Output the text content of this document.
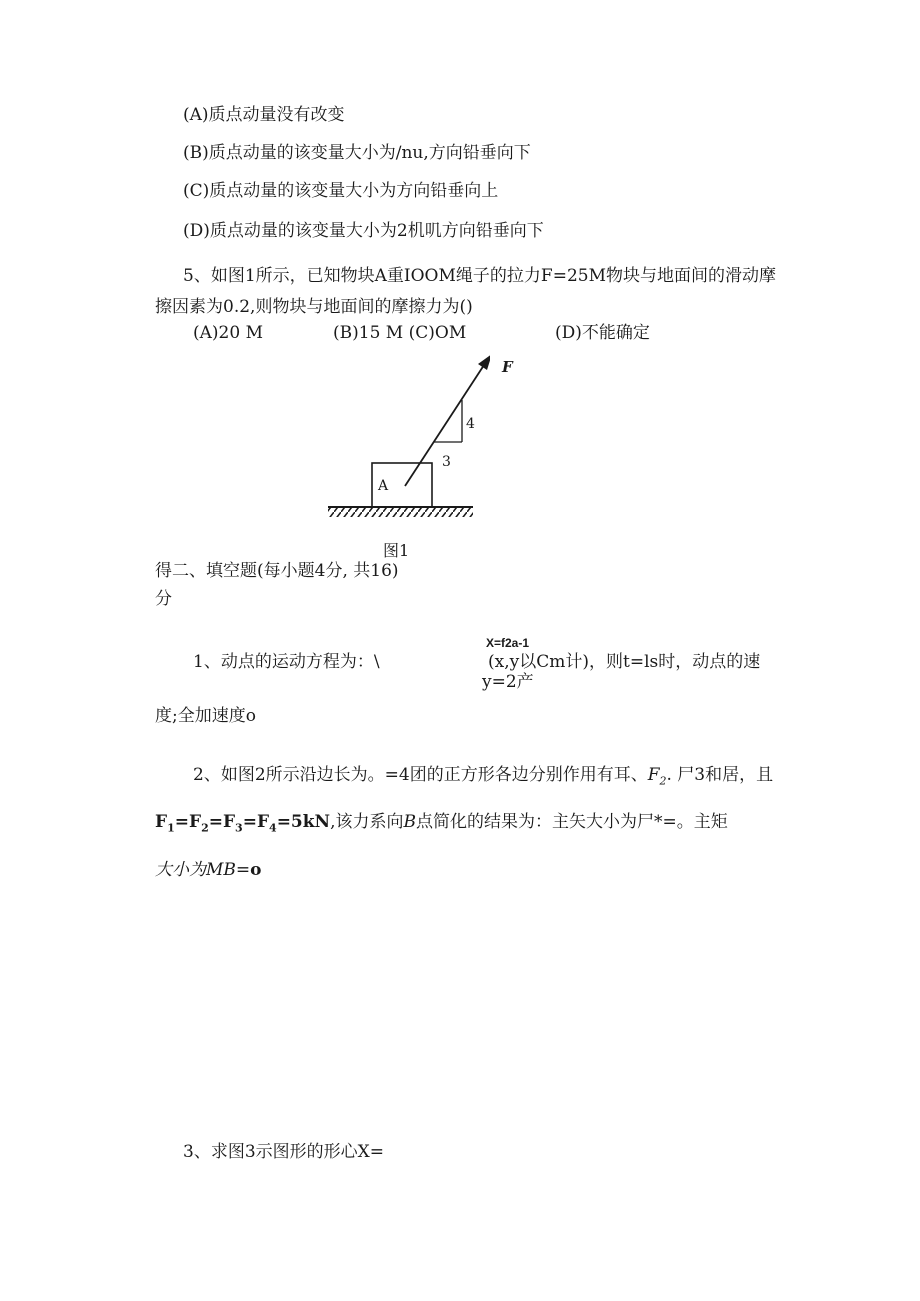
(A)质点动量没有改变
(B)质点动量的该变量大小为∕nu,方向铅垂向下
(C)质点动量的该变量大小为方向铅垂向上
(D)质点动量的该变量大小为2机叽方向铅垂向下
5、如图1所示，已知物块A重IOOM绳子的拉力F=25M物块与地面间的滑动摩
擦因素为0.2,则物块与地面间的摩擦力为()
(A)20 M	(B)15 M (C)OM	(D)不能确定
F
A
4
3
图1
得二、填空题(每小题4分, 共16)
分
X=f2a-1
1、动点的运动方程为：\	(x,y以Cm计)，则t=ls时，动点的速
y=2产
度;全加速度o
2、如图2所示沿边长为。=4团的正方形各边分别作用有耳、$F_2$. 尸3和居，且
$F_1=F_2=F_3=F_4=5kN$,该力系向B点简化的结果为：主矢大小为尸*=。主矩
大小为MB=o
3、求图3示图形的形心X=
